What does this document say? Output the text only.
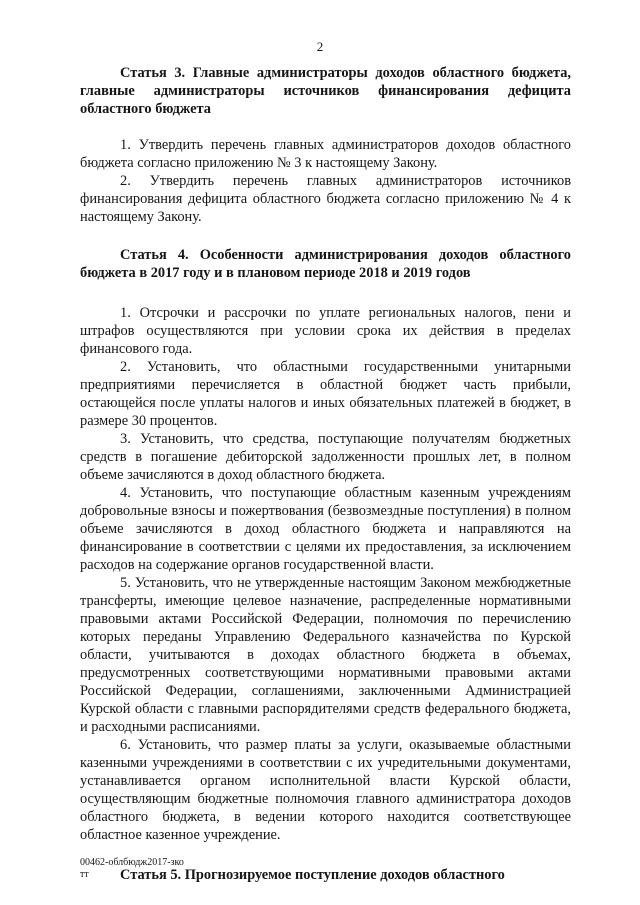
2

Статья 3. Главные администраторы доходов областного бюджета, главные администраторы источников финансирования дефицита областного бюджета

1. Утвердить перечень главных администраторов доходов областного бюджета согласно приложению № 3 к настоящему Закону.

2. Утвердить перечень главных администраторов источников финансирования дефицита областного бюджета согласно приложению № 4 к настоящему Закону.

Статья 4. Особенности администрирования доходов областного бюджета в 2017 году и в плановом периоде 2018 и 2019 годов

1. Отсрочки и рассрочки по уплате региональных налогов, пени и штрафов осуществляются при условии срока их действия в пределах финансового года.

2. Установить, что областными государственными унитарными предприятиями перечисляется в областной бюджет часть прибыли, остающейся после уплаты налогов и иных обязательных платежей в бюджет, в размере 30 процентов.

3. Установить, что средства, поступающие получателям бюджетных средств в погашение дебиторской задолженности прошлых лет, в полном объеме зачисляются в доход областного бюджета.

4. Установить, что поступающие областным казенным учреждениям добровольные взносы и пожертвования (безвозмездные поступления) в полном объеме зачисляются в доход областного бюджета и направляются на финансирование в соответствии с целями их предоставления, за исключением расходов на содержание органов государственной власти.

5. Установить, что не утвержденные настоящим Законом межбюджетные трансферты, имеющие целевое назначение, распределенные нормативными правовыми актами Российской Федерации, полномочия по перечислению которых переданы Управлению Федерального казначейства по Курской области, учитываются в доходах областного бюджета в объемах, предусмотренных соответствующими нормативными правовыми актами Российской Федерации, соглашениями, заключенными Администрацией Курской области с главными распорядителями средств федерального бюджета, и расходными расписаниями.

6. Установить, что размер платы за услуги, оказываемые областными казенными учреждениями в соответствии с их учредительными документами, устанавливается органом исполнительной власти Курской области, осуществляющим бюджетные полномочия главного администратора доходов областного бюджета, в ведении которого находится соответствующее областное казенное учреждение.

Статья 5. Прогнозируемое поступление доходов областного

00462-облбюдж2017-зко
тт
